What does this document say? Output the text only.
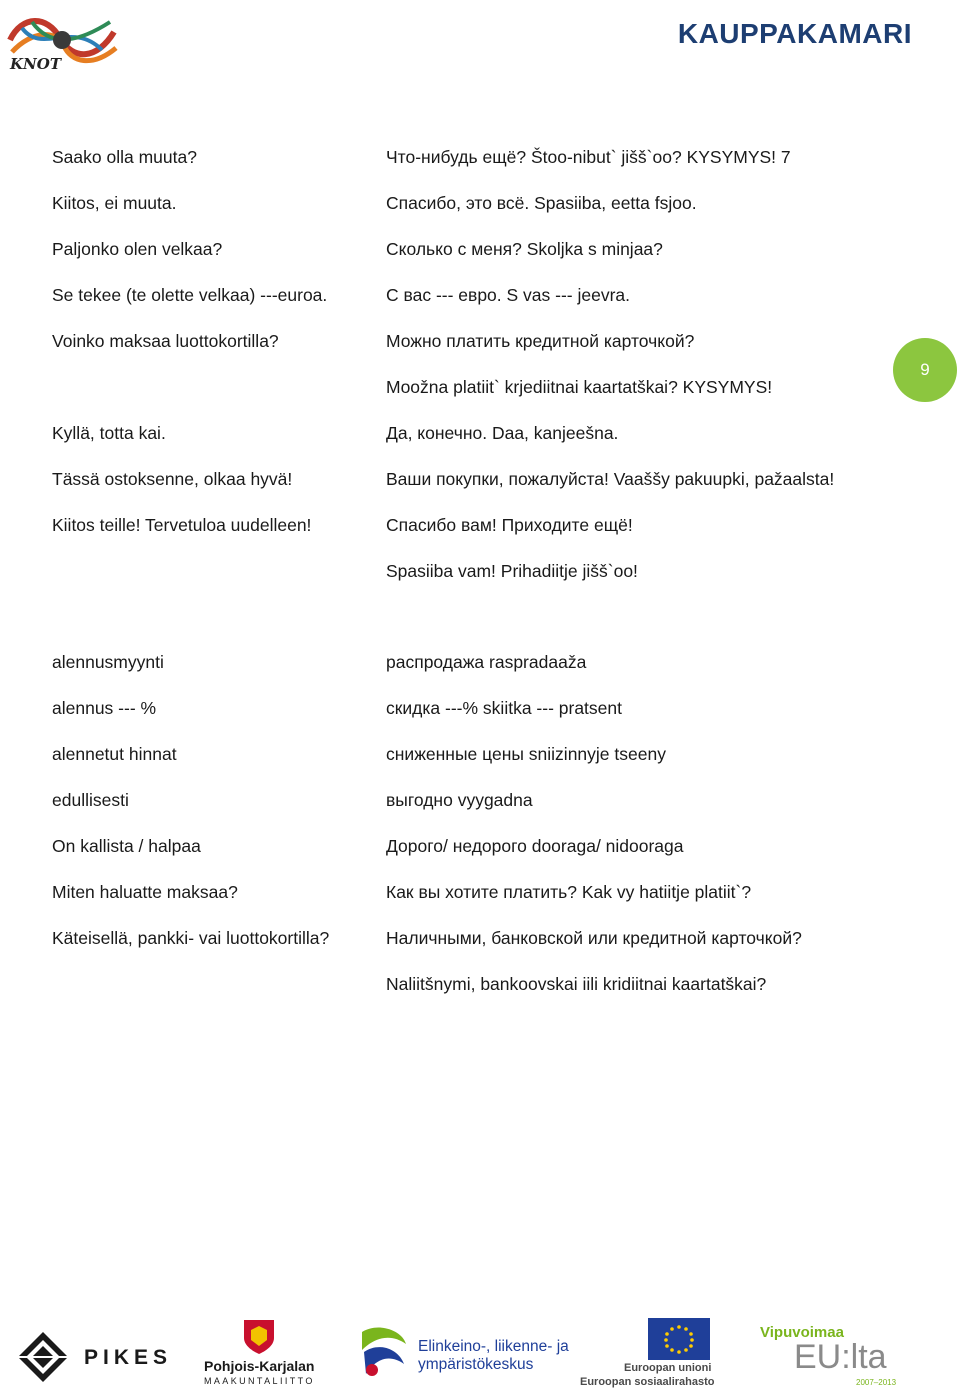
KNOT
KAUPPAKAMARI
Saako olla muuta?	Что-нибудь ещё? Štoo-nibut` jišš`oo? KYSYMYS! 7
Kiitos, ei muuta.	Спасибо, это всё. Spasiiba, eetta fsjoo.
Paljonko olen velkaa?	Сколько с меня? Skoljka s minjaa?
Se tekee (te olette velkaa) ---euroa.	С вас --- евро. S vas --- jeevra.
Voinko maksaa luottokortilla?	Можно платить кредитной карточкой?
Moožna platiit` krjediitnai kaartatškai? KYSYMYS!
Kyllä, totta kai.	Да, конечно. Daa, kanjeešna.
Tässä ostoksenne, olkaa hyvä!	Ваши покупки, пожалуйста! Vaaššy pakuupki, pažaalsta!
Kiitos teille! Tervetuloa uudelleen!	Спасибо вам! Приходите ещё!
Spasiiba vam! Prihadiitje jišš`oo!
alennusmyynti	распродажа raspradaaža
alennus --- %	скидка ---% skiitka --- pratsent
alennetut hinnat	сниженные цены sniizinnyje tseeny
edullisesti	выгодно vyygadna
On kallista / halpaa	Дорого/ недорого dooraga/ nidooraga
Miten haluatte maksaa?	Как вы хотите платить? Kak vy hatiitje platiit`?
Käteisellä, pankki- vai luottokortilla?	Наличными, банковской или кредитной карточкой?
Naliitšnymi, bankoovskai iili kridiitnai kaartatškai?
9
PIKES Pohjois-Karjalan
MAAKUNTALIITTO
Elinkeino-, liikenne- ja
ympäristökeskus	Euroopan unioni
Euroopan sosiaalirahasto
Vipuvoimaa
EU:lta
2007–2013
